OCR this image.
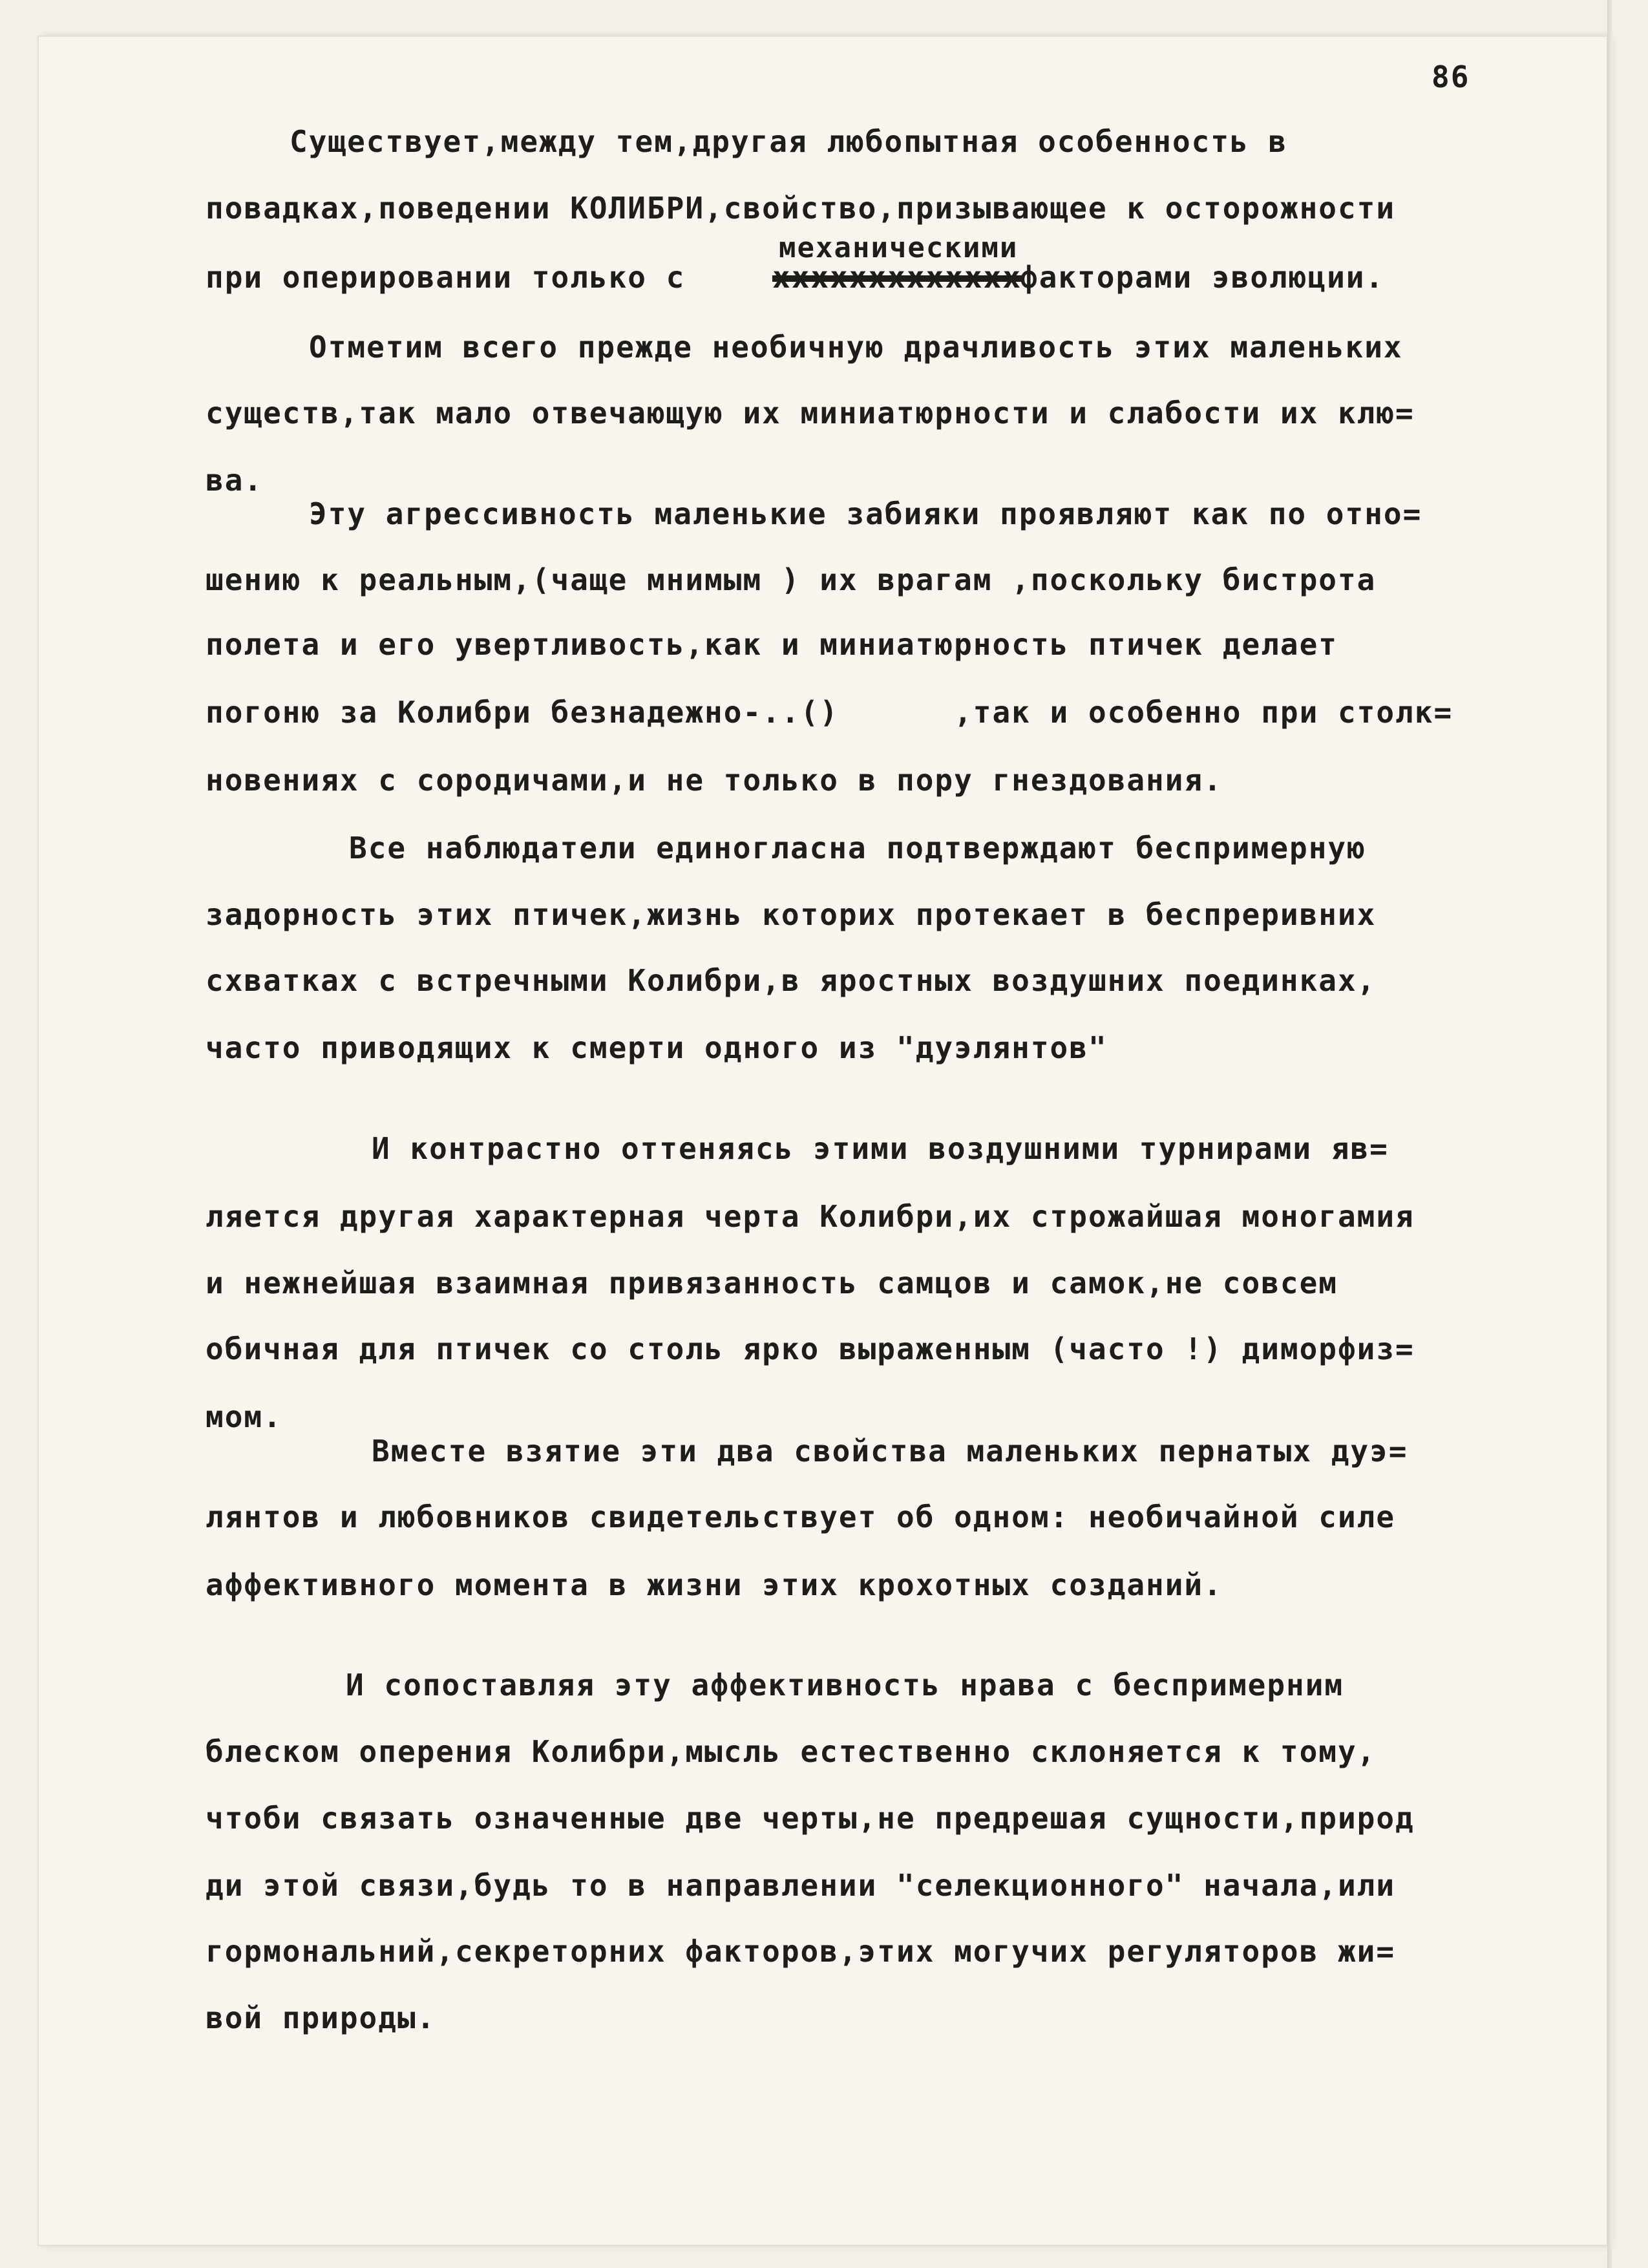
86
Существует,между тем,другая любопытная особенность в
повадках,поведении КОЛИБРИ,свойство,призывающее к осторожности
механическими
при оперировании только с	ххххххххххххх
факторами эволюции.
Отметим всего прежде необичную драчливость этих маленьких
существ,так мало отвечающую их миниатюрности и слабости их клю=
ва.
Эту агрессивность маленькие забияки проявляют как по отно=
шению к реальным,(чаще мнимым ) их врагам ,поскольку бистрота
полета и его увертливость,как и миниатюрность птичек делает
погоню за Колибри безнадежно-..()      ,так и особенно при столк=
новениях с сородичами,и не только в пору гнездования.
Все наблюдатели единогласна подтверждают беспримерную
задорность этих птичек,жизнь которих протекает в беспреривних
схватках с встречными Колибри,в яростных воздушних поединках,
часто приводящих к смерти одного из "дуэлянтов"
И контрастно оттеняясь этими воздушними турнирами яв=
ляется другая характерная черта Колибри,их строжайшая моногамия
и нежнейшая взаимная привязанность самцов и самок,не совсем
обичная для птичек со столь ярко выраженным (часто !) диморфиз=
мом.
Вместе взятие эти два свойства маленьких пернатых дуэ=
лянтов и любовников свидетельствует об одном: необичайной силе
аффективного момента в жизни этих крохотных созданий.
И сопоставляя эту аффективность нрава с беспримерним
блеском оперения Колибри,мысль естественно склоняется к тому,
чтоби связать означенные две черты,не предрешая сущности,природ
ди этой связи,будь то в направлении "селекционного" начала,или
гормональний,секреторних факторов,этих могучих регуляторов жи=
вой природы.
